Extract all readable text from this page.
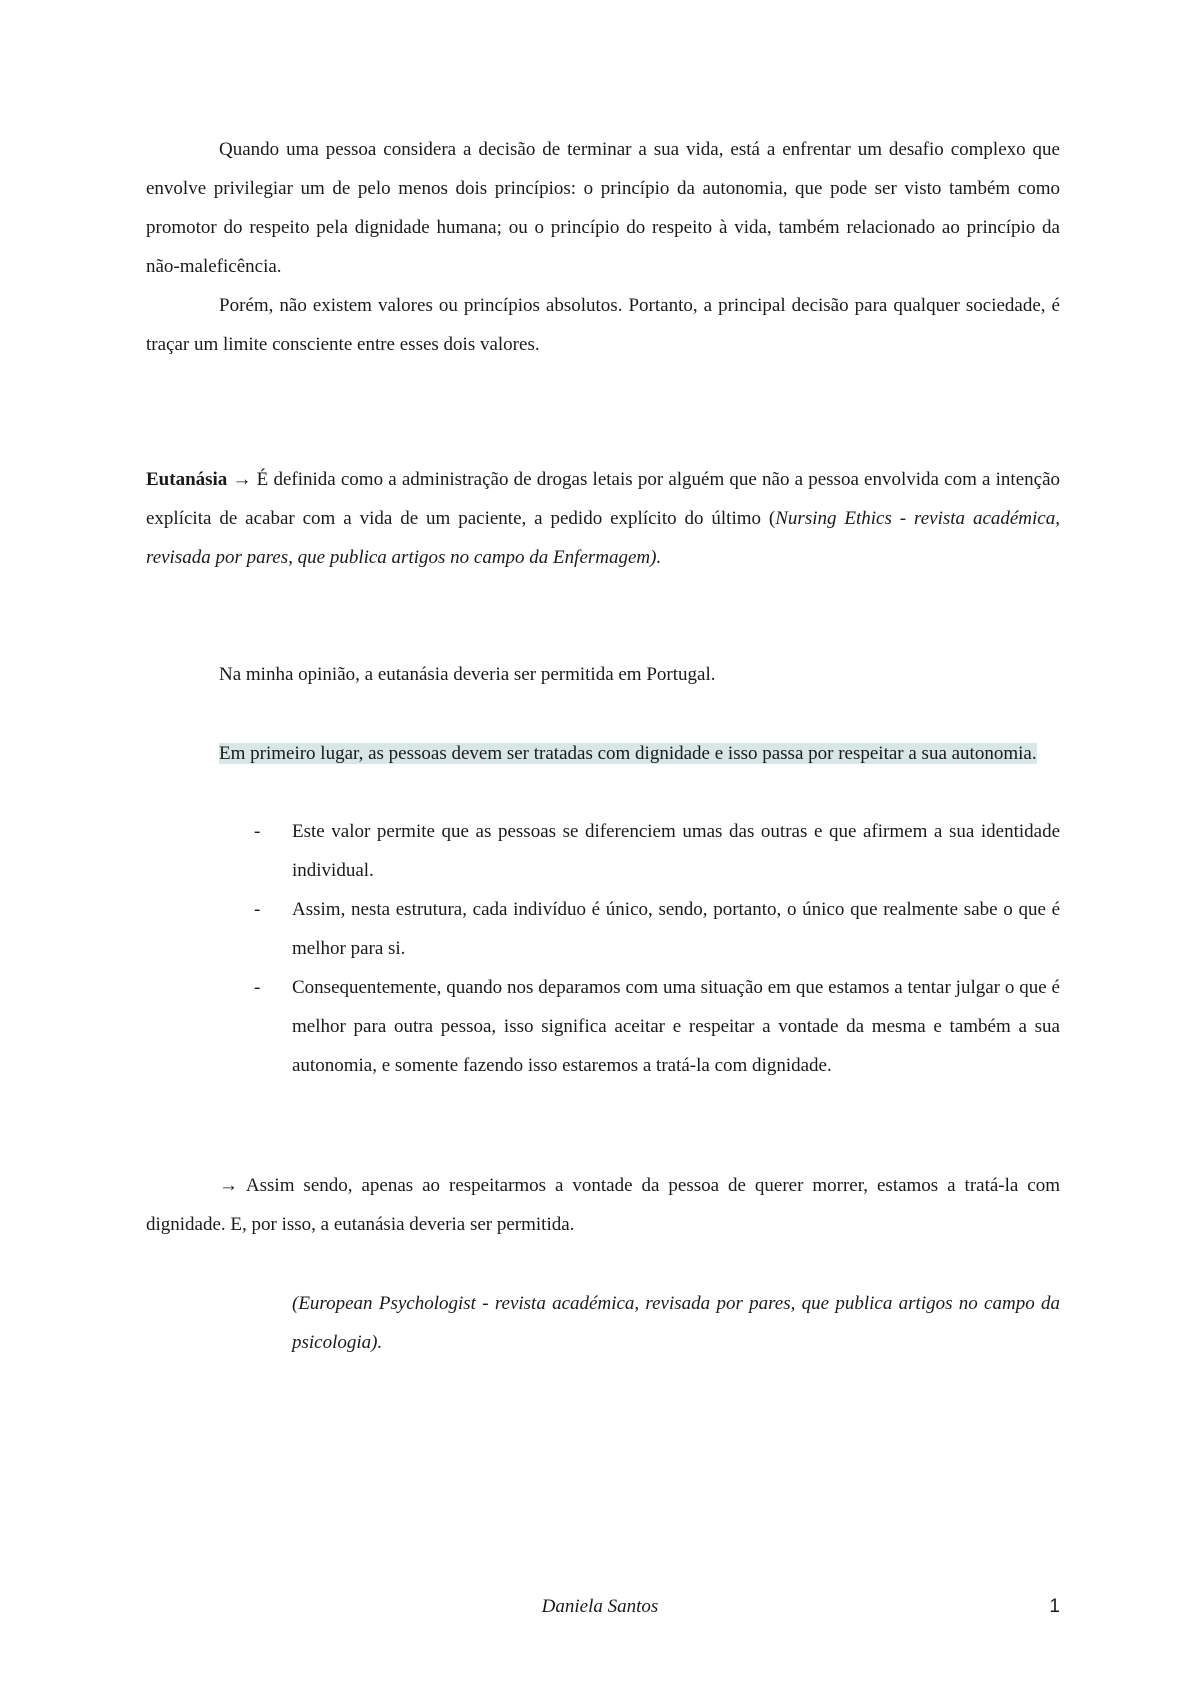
Quando uma pessoa considera a decisão de terminar a sua vida, está a enfrentar um desafio complexo que envolve privilegiar um de pelo menos dois princípios: o princípio da autonomia, que pode ser visto também como promotor do respeito pela dignidade humana; ou o princípio do respeito à vida, também relacionado ao princípio da não-maleficência.

Porém, não existem valores ou princípios absolutos. Portanto, a principal decisão para qualquer sociedade, é traçar um limite consciente entre esses dois valores.

Eutanásia → É definida como a administração de drogas letais por alguém que não a pessoa envolvida com a intenção explícita de acabar com a vida de um paciente, a pedido explícito do último (Nursing Ethics - revista académica, revisada por pares, que publica artigos no campo da Enfermagem).

Na minha opinião, a eutanásia deveria ser permitida em Portugal.

Em primeiro lugar, as pessoas devem ser tratadas com dignidade e isso passa por respeitar a sua autonomia.

- Este valor permite que as pessoas se diferenciem umas das outras e que afirmem a sua identidade individual.
- Assim, nesta estrutura, cada indivíduo é único, sendo, portanto, o único que realmente sabe o que é melhor para si.
- Consequentemente, quando nos deparamos com uma situação em que estamos a tentar julgar o que é melhor para outra pessoa, isso significa aceitar e respeitar a vontade da mesma e também a sua autonomia, e somente fazendo isso estaremos a tratá-la com dignidade.

→ Assim sendo, apenas ao respeitarmos a vontade da pessoa de querer morrer, estamos a tratá-la com dignidade. E, por isso, a eutanásia deveria ser permitida.

(European Psychologist - revista académica, revisada por pares, que publica artigos no campo da psicologia).
Daniela Santos	1
